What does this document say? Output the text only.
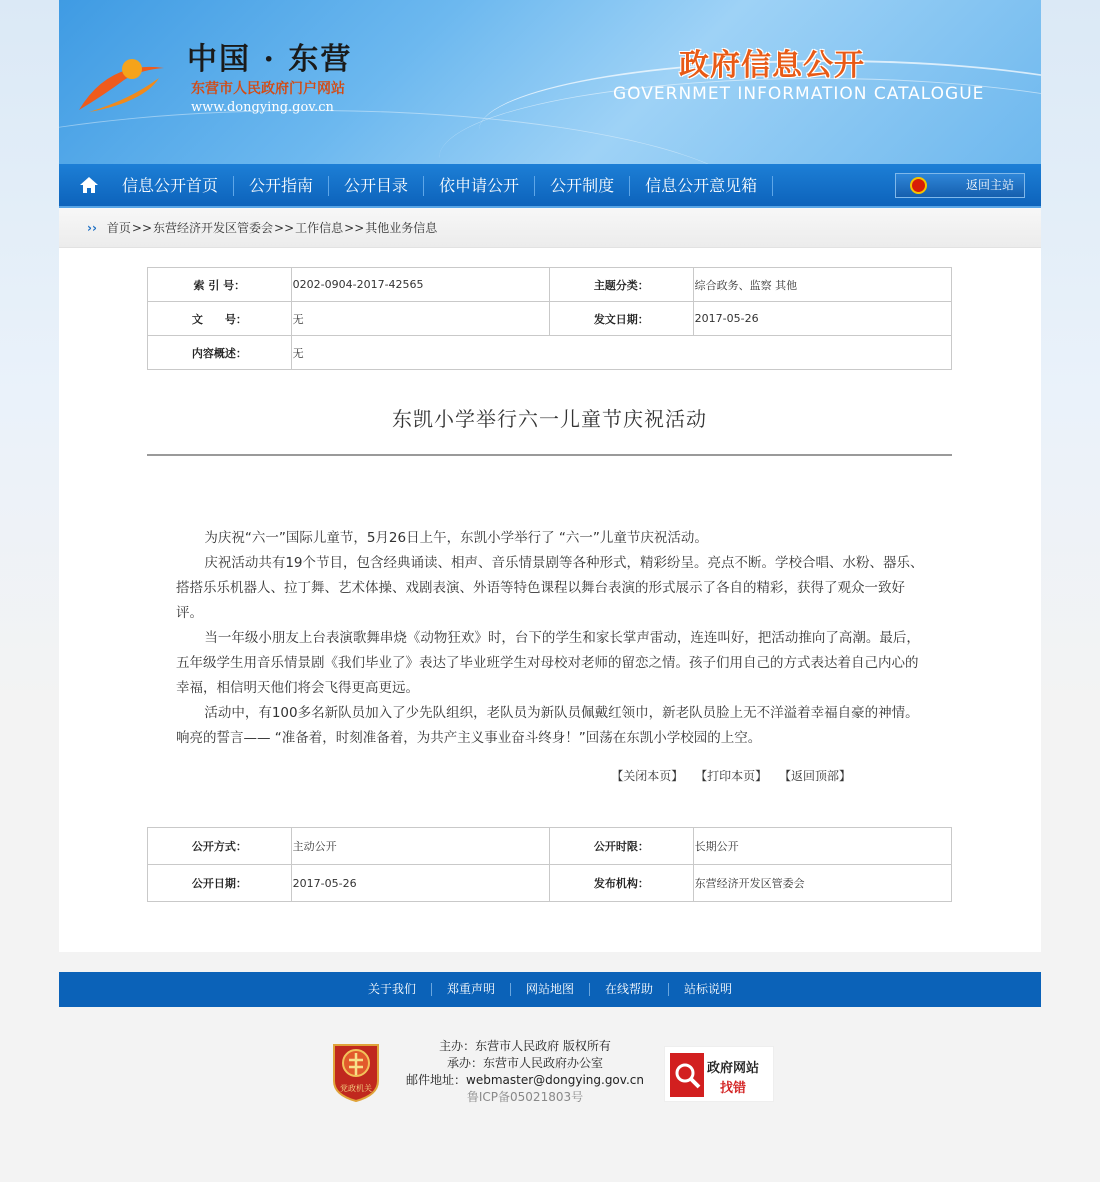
中国 · 东营
东营市人民政府门户网站
www.dongying.gov.cn
政府信息公开
GOVERNMET INFORMATION CATALOGUE
信息公开首页	公开指南	公开目录	依申请公开	公开制度	信息公开意见箱	返回主站
›› 首页 >> 东营经济开发区管委会 >> 工作信息 >> 其他业务信息
索 引 号：	0202-0904-2017-42565	主题分类：	综合政务、监察 其他
文　　号：	无	发文日期：	2017-05-26
内容概述：	无		
东凯小学举行六一儿童节庆祝活动

为庆祝“六一”国际儿童节，5月26日上午，东凯小学举行了 “六一”儿童节庆祝活动。

庆祝活动共有19个节目，包含经典诵读、相声、音乐情景剧等各种形式，精彩纷呈。亮点不断。学校合唱、水粉、器乐、搭搭乐乐机器人、拉丁舞、艺术体操、戏剧表演、外语等特色课程以舞台表演的形式展示了各自的精彩，获得了观众一致好评。

当一年级小朋友上台表演歌舞串烧《动物狂欢》时，台下的学生和家长掌声雷动，连连叫好，把活动推向了高潮。最后，五年级学生用音乐情景剧《我们毕业了》表达了毕业班学生对母校对老师的留恋之情。孩子们用自己的方式表达着自己内心的幸福，相信明天他们将会飞得更高更远。

活动中，有100多名新队员加入了少先队组织，老队员为新队员佩戴红领巾，新老队员脸上无不洋溢着幸福自豪的神情。响亮的誓言—— “准备着，时刻准备着，为共产主义事业奋斗终身！”回荡在东凯小学校园的上空。

【关闭本页】 【打印本页】 【返回顶部】
公开方式：	主动公开	公开时限：	长期公开
公开日期：	2017-05-26	发布机构：	东营经济开发区管委会
关于我们	郑重声明	网站地图	在线帮助	站标说明
党政机关
主办：东营市人民政府 版权所有
承办：东营市人民政府办公室
邮件地址：webmaster@dongying.gov.cn
鲁ICP备05021803号
政府网站
找错
